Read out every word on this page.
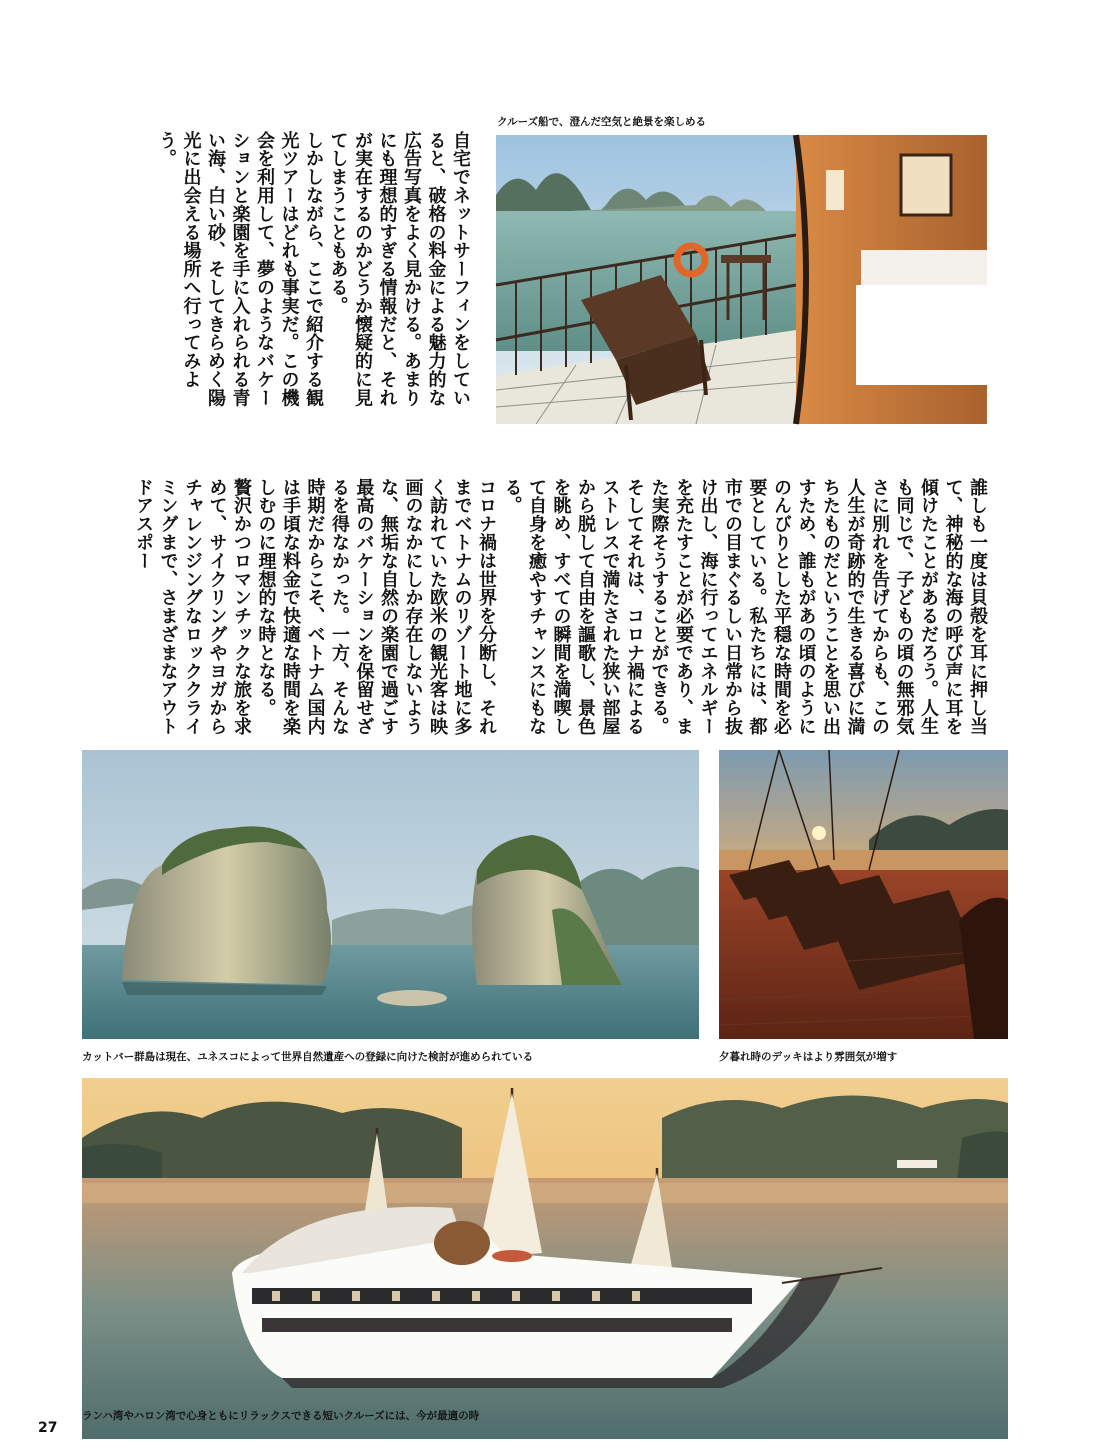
クルーズ船で、澄んだ空気と絶景を楽しめる

誰しも一度は貝殻を耳に押し当て、神秘的な海の呼び声に耳を傾けたことがあるだろう。人生も同じで、子どもの頃の無邪気さに別れを告げてからも、この人生が奇跡的で生きる喜びに満ちたものだということを思い出すため、誰もがあの頃のようにのんびりとした平穏な時間を必要としている。私たちには、都市での目まぐるしい日常から抜け出し、海に行ってエネルギーを充たすことが必要であり、また実際そうすることができる。そしてそれは、コロナ禍によるストレスで満たされた狭い部屋から脱して自由を謳歌し、景色を眺め、すべての瞬間を満喫して自身を癒やすチャンスにもなる。

自宅でネットサーフィンをしていると、破格の料金による魅力的な広告写真をよく見かける。あまりにも理想的すぎる情報だと、それが実在するのかどうか懐疑的に見てしまうこともある。

しかしながら、ここで紹介する観光ツアーはどれも事実だ。この機会を利用して、夢のようなバケーションと楽園を手に入れられる青い海、白い砂、そしてきらめく陽光に出会える場所へ行ってみよう。

コロナ禍は世界を分断し、それまでベトナムのリゾート地に多く訪れていた欧米の観光客は映画のなかにしか存在しないような、無垢な自然の楽園で過ごす最高のバケーションを保留せざるを得なかった。一方、そんな時期だからこそ、ベトナム国内は手頃な料金で快適な時間を楽しむのに理想的な時となる。

贅沢かつロマンチックな旅を求めて、サイクリングやヨガからチャレンジングなロッククライミングまで、さまざまなアウトドアスポー

カットバー群島は現在、ユネスコによって世界自然遺産への登録に向けた検討が進められている	夕暮れ時のデッキはより雰囲気が増す
ランハ湾やハロン湾で心身ともにリラックスできる短いクルーズには、今が最適の時
27
